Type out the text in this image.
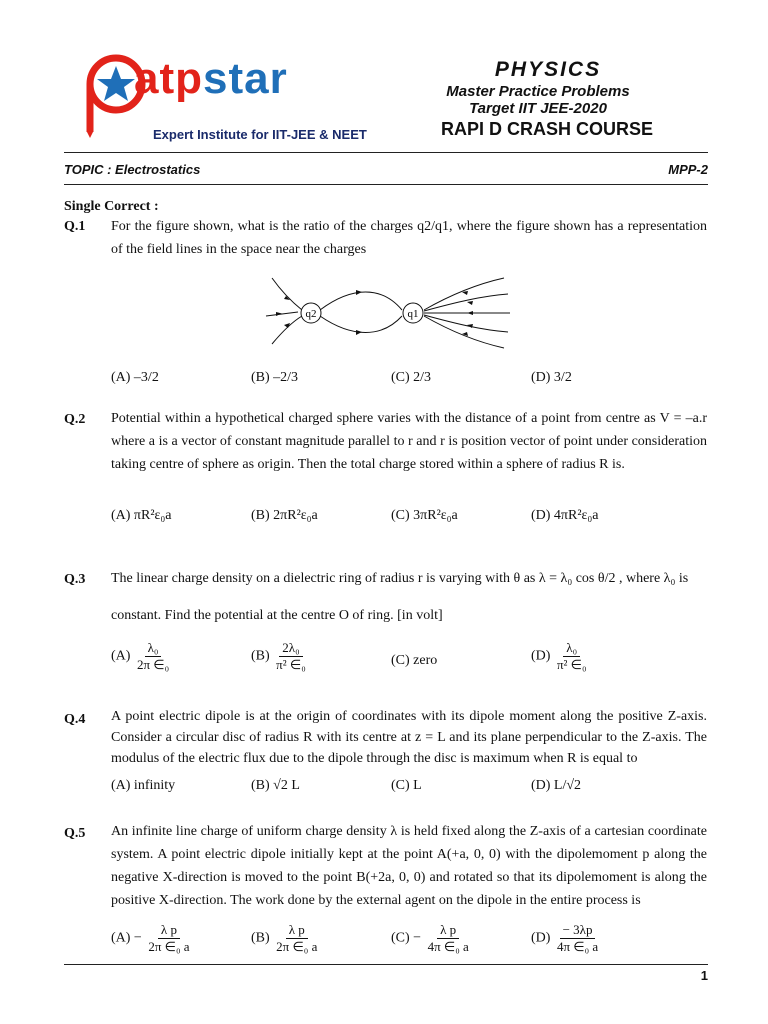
atpstar
Expert Institute for IIT-JEE & NEET
PHYSICS
Master Practice Problems
Target IIT JEE-2020
RAPI D CRASH COURSE
TOPIC : Electrostatics	MPP-2
Single Correct :
Q.1 For the figure shown, what is the ratio of the charges q2/q1, where the figure shown has a representation of the field lines in the space near the charges
q2	q1
(A) –3/2	(B) –2/3	(C) 2/3	(D) 3/2
Q.2 Potential within a hypothetical charged sphere varies with the distance of a point from centre as V = –a.r where a is a vector of constant magnitude parallel to r and r is position vector of point under consideration taking centre of sphere as origin. Then the total charge stored within a sphere of radius R is.
(A) πR²ε₀a	(B) 2πR²ε₀a	(C) 3πR²ε₀a	(D) 4πR²ε₀a
Q.3 The linear charge density on a dielectric ring of radius r is varying with θ as λ = λ₀ cos θ/2 , where λ₀ is
constant. Find the potential at the centre O of ring. [in volt]
$(A) \frac{\text{λ₀}}{\text{2π ∈₀}}$	$(B) \frac{\text{2λ₀}}{\text{π² ∈₀}}$	(C) zero	$(D) \frac{\text{λ₀}}{\text{π² ∈₀}}$
Q.4 A point electric dipole is at the origin of coordinates with its dipole moment along the positive Z-axis. Consider a circular disc of radius R with its centre at z = L and its plane perpendicular to the Z-axis. The modulus of the electric flux due to the dipole through the disc is maximum when R is equal to
(A) infinity	(B) √2 L	(C) L	(D) L/√2
Q.5 An infinite line charge of uniform charge density λ is held fixed along the Z-axis of a cartesian coordinate system. A point electric dipole initially kept at the point A(+a, 0, 0) with the dipolemoment p along the negative X-direction is moved to the point B(+2a, 0, 0) and rotated so that its dipolemoment is along the positive X-direction. The work done by the external agent on the dipole in the entire process is
$(A) - \frac{\text{λ p}}{\text{2π ∈₀ a}}$	$(B) \frac{\text{λ p}}{\text{2π ∈₀ a}}$	$(C) - \frac{\text{λ p}}{\text{4π ∈₀ a}}$	$(D) \frac{- 3\lambda p}{\text{4π ∈₀ a}}$
1
